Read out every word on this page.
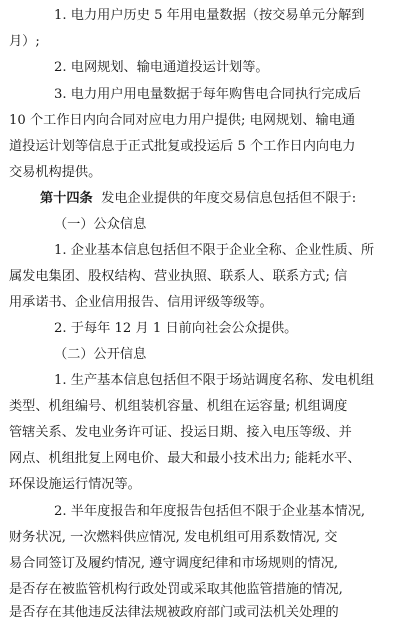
1. 电力用户历史 5 年用电量数据（按交易单元分解到
月）;
2. 电网规划、输电通道投运计划等。
3. 电力用户用电量数据于每年购售电合同执行完成后
10 个工作日内向合同对应电力用户提供; 电网规划、输电通
道投运计划等信息于正式批复或投运后 5 个工作日内向电力
交易机构提供。
第十四条 发电企业提供的年度交易信息包括但不限于:
（一）公众信息
1. 企业基本信息包括但不限于企业全称、企业性质、所
属发电集团、股权结构、营业执照、联系人、联系方式; 信
用承诺书、企业信用报告、信用评级等级等。
2. 于每年 12 月 1 日前向社会公众提供。
（二）公开信息
1. 生产基本信息包括但不限于场站调度名称、发电机组
类型、机组编号、机组装机容量、机组在运容量; 机组调度
管辖关系、发电业务许可证、投运日期、接入电压等级、并
网点、机组批复上网电价、最大和最小技术出力; 能耗水平、
环保设施运行情况等。
2. 半年度报告和年度报告包括但不限于企业基本情况,
财务状况, 一次燃料供应情况, 发电机组可用系数情况, 交
易合同签订及履约情况, 遵守调度纪律和市场规则的情况,
是否存在被监管机构行政处罚或采取其他监管措施的情况,
是否存在其他违反法律法规被政府部门或司法机关处理的
